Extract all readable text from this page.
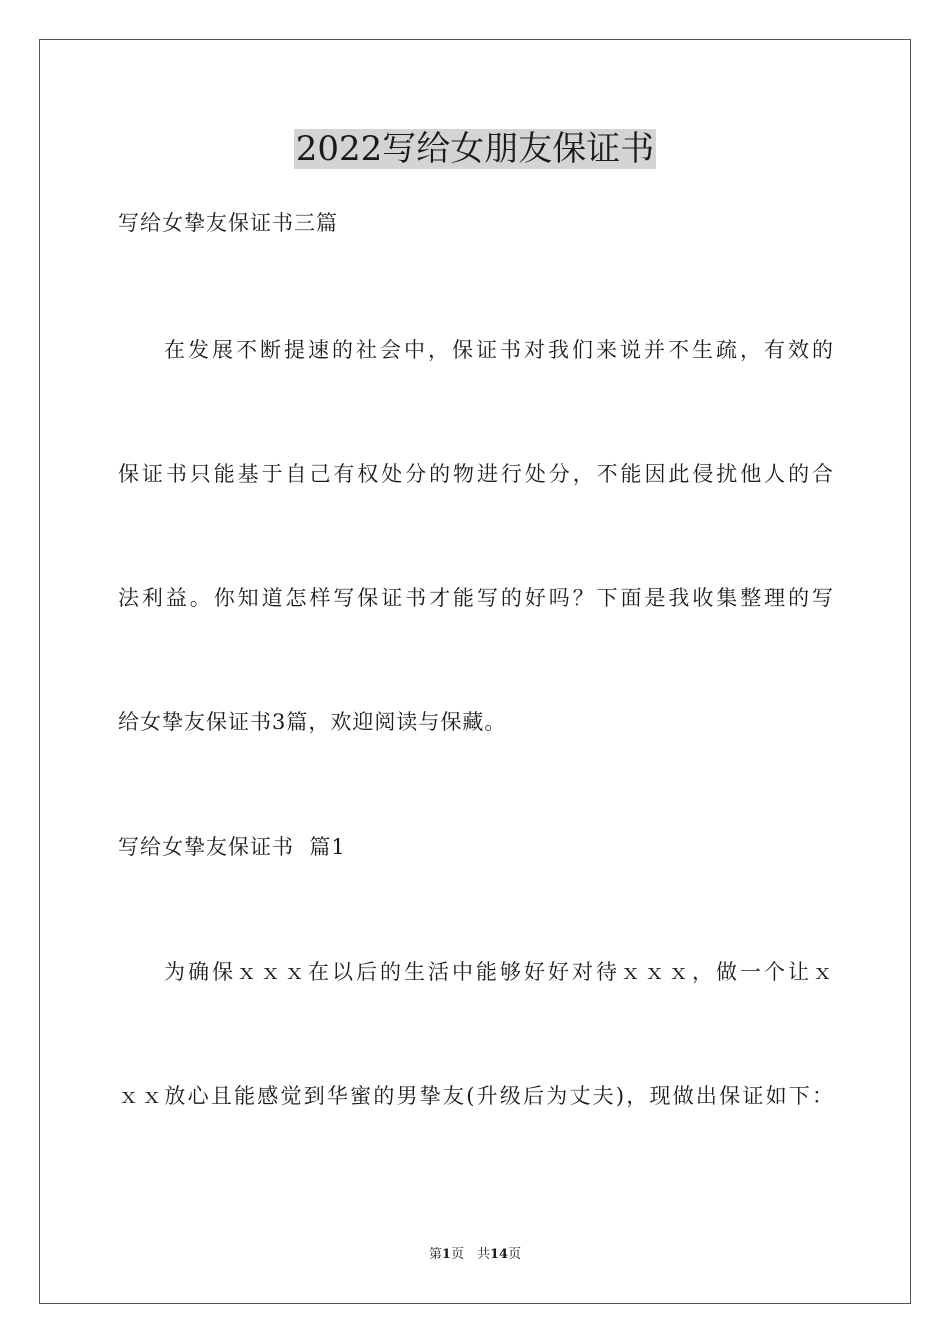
2022写给女朋友保证书
写给女挚友保证书三篇
在发展不断提速的社会中，保证书对我们来说并不生疏，有效的
保证书只能基于自己有权处分的物进行处分，不能因此侵扰他人的合
法利益。你知道怎样写保证书才能写的好吗？下面是我收集整理的写
给女挚友保证书3篇，欢迎阅读与保藏。
写给女挚友保证书  篇1
为确保ｘｘｘ在以后的生活中能够好好对待ｘｘｘ，做一个让ｘ
ｘｘ放心且能感觉到华蜜的男挚友(升级后为丈夫)，现做出保证如下：
第1页　共14页
